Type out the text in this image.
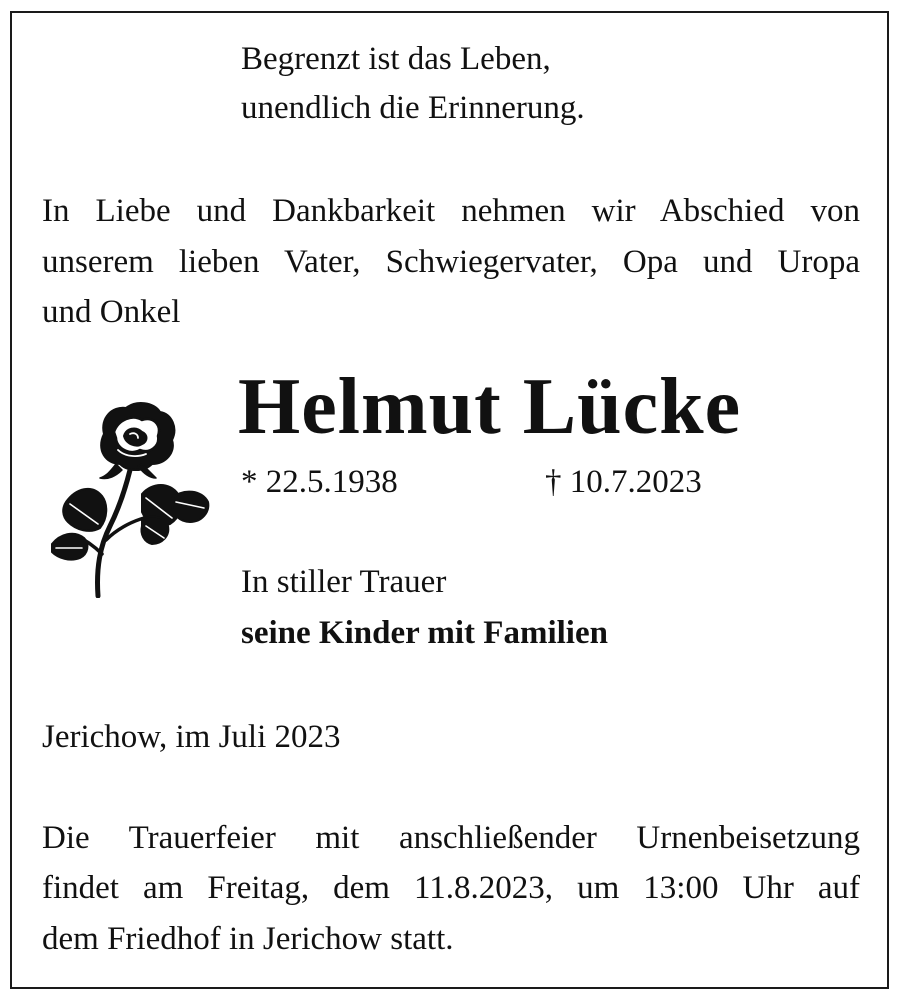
Begrenzt ist das Leben,
unendlich die Erinnerung.
In Liebe und Dankbarkeit nehmen wir Abschied von
unserem lieben Vater, Schwiegervater, Opa und Uropa
und Onkel
Helmut Lücke
* 22.5.1938	† 10.7.2023
In stiller Trauer
seine Kinder mit Familien
Jerichow, im Juli 2023
Die Trauerfeier mit anschließender Urnenbeisetzung
findet am Freitag, dem 11.8.2023, um 13:00 Uhr auf
dem Friedhof in Jerichow statt.
